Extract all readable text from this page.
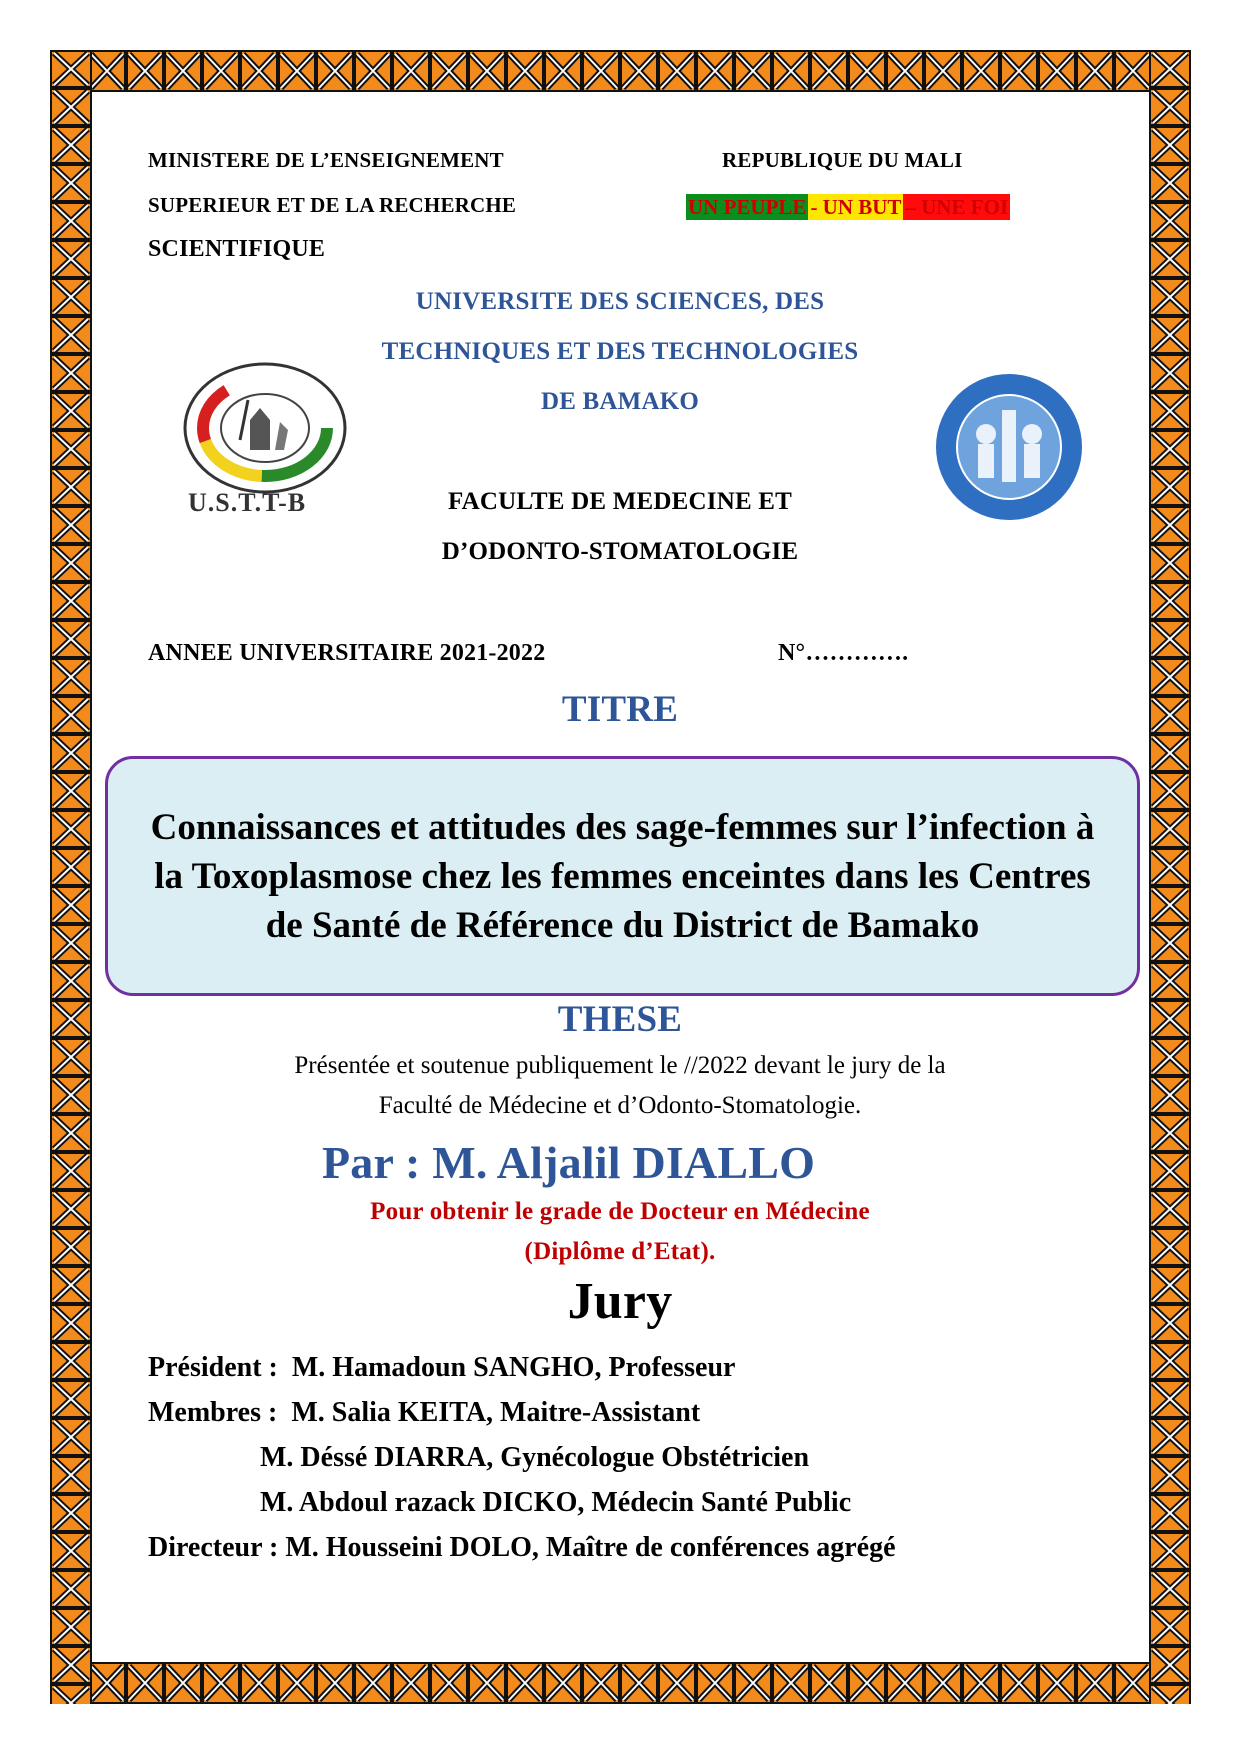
MINISTERE DE L’ENSEIGNEMENT
SUPERIEUR ET DE LA RECHERCHE
SCIENTIFIQUE
REPUBLIQUE DU MALI
UN PEUPLE - UN BUT – UNE FOI
UNIVERSITE DES SCIENCES, DES
TECHNIQUES ET DES TECHNOLOGIES
DE BAMAKO
U.S.T.T-B	FACULTE DE MEDECINE ET
D’ODONTO-STOMATOLOGIE
ANNEE UNIVERSITAIRE 2021-2022	N°………….
TITRE

Connaissances et attitudes des sage-femmes sur l’infection à la Toxoplasmose chez les femmes enceintes dans les Centres de Santé de Référence du District de Bamako

THESE
Présentée et soutenue publiquement le //2022 devant le jury de la
Faculté de Médecine et d’Odonto-Stomatologie.
Par : M. Aljalil DIALLO
Pour obtenir le grade de Docteur en Médecine
(Diplôme d’Etat).
Jury
Président :  M. Hamadoun SANGHO, Professeur
Membres :  M. Salia KEITA, Maitre-Assistant
M. Déssé DIARRA, Gynécologue Obstétricien
M. Abdoul razack DICKO, Médecin Santé Public
Directeur : M. Housseini DOLO, Maître de conférences agrégé
